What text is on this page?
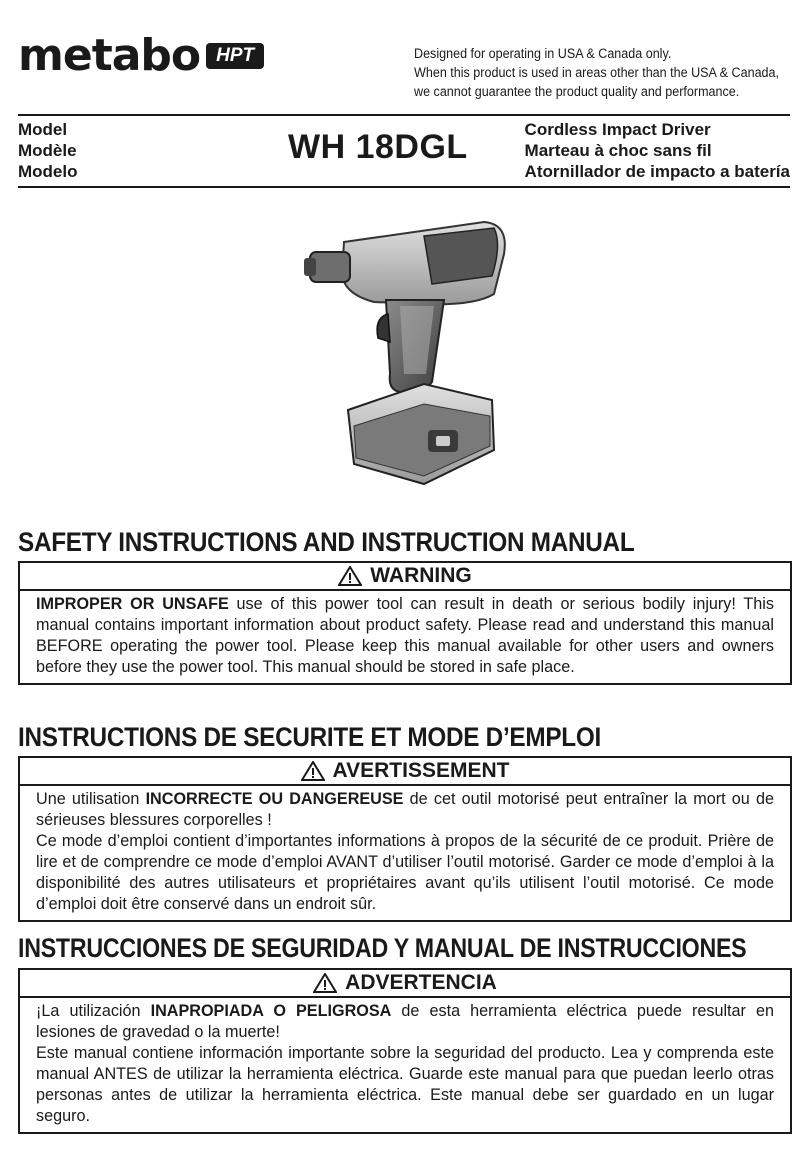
metabo HPT	Designed for operating in USA & Canada only.
When this product is used in areas other than the USA & Canada,
we cannot guarantee the product quality and performance.
Model
Modèle
Modelo
WH 18DGL	Cordless Impact Driver
Marteau à choc sans fil
Atornillador de impacto a batería
SAFETY INSTRUCTIONS AND INSTRUCTION MANUAL
WARNING

IMPROPER OR UNSAFE use of this power tool can result in death or serious bodily injury! This manual contains important information about product safety. Please read and understand this manual BEFORE operating the power tool. Please keep this manual available for other users and owners before they use the power tool. This manual should be stored in safe place.

INSTRUCTIONS DE SECURITE ET MODE D’EMPLOI
AVERTISSEMENT

Une utilisation INCORRECTE OU DANGEREUSE de cet outil motorisé peut entraîner la mort ou de sérieuses blessures corporelles !

Ce mode d’emploi contient d’importantes informations à propos de la sécurité de ce produit. Prière de lire et de comprendre ce mode d’emploi AVANT d’utiliser l’outil motorisé. Garder ce mode d’emploi à la disponibilité des autres utilisateurs et propriétaires avant qu’ils utilisent l’outil motorisé. Ce mode d’emploi doit être conservé dans un endroit sûr.

INSTRUCCIONES DE SEGURIDAD Y MANUAL DE INSTRUCCIONES
ADVERTENCIA

¡La utilización INAPROPIADA O PELIGROSA de esta herramienta eléctrica puede resultar en lesiones de gravedad o la muerte!

Este manual contiene información importante sobre la seguridad del producto. Lea y comprenda este manual ANTES de utilizar la herramienta eléctrica. Guarde este manual para que puedan leerlo otras personas antes de utilizar la herramienta eléctrica. Este manual debe ser guardado en un lugar seguro.
